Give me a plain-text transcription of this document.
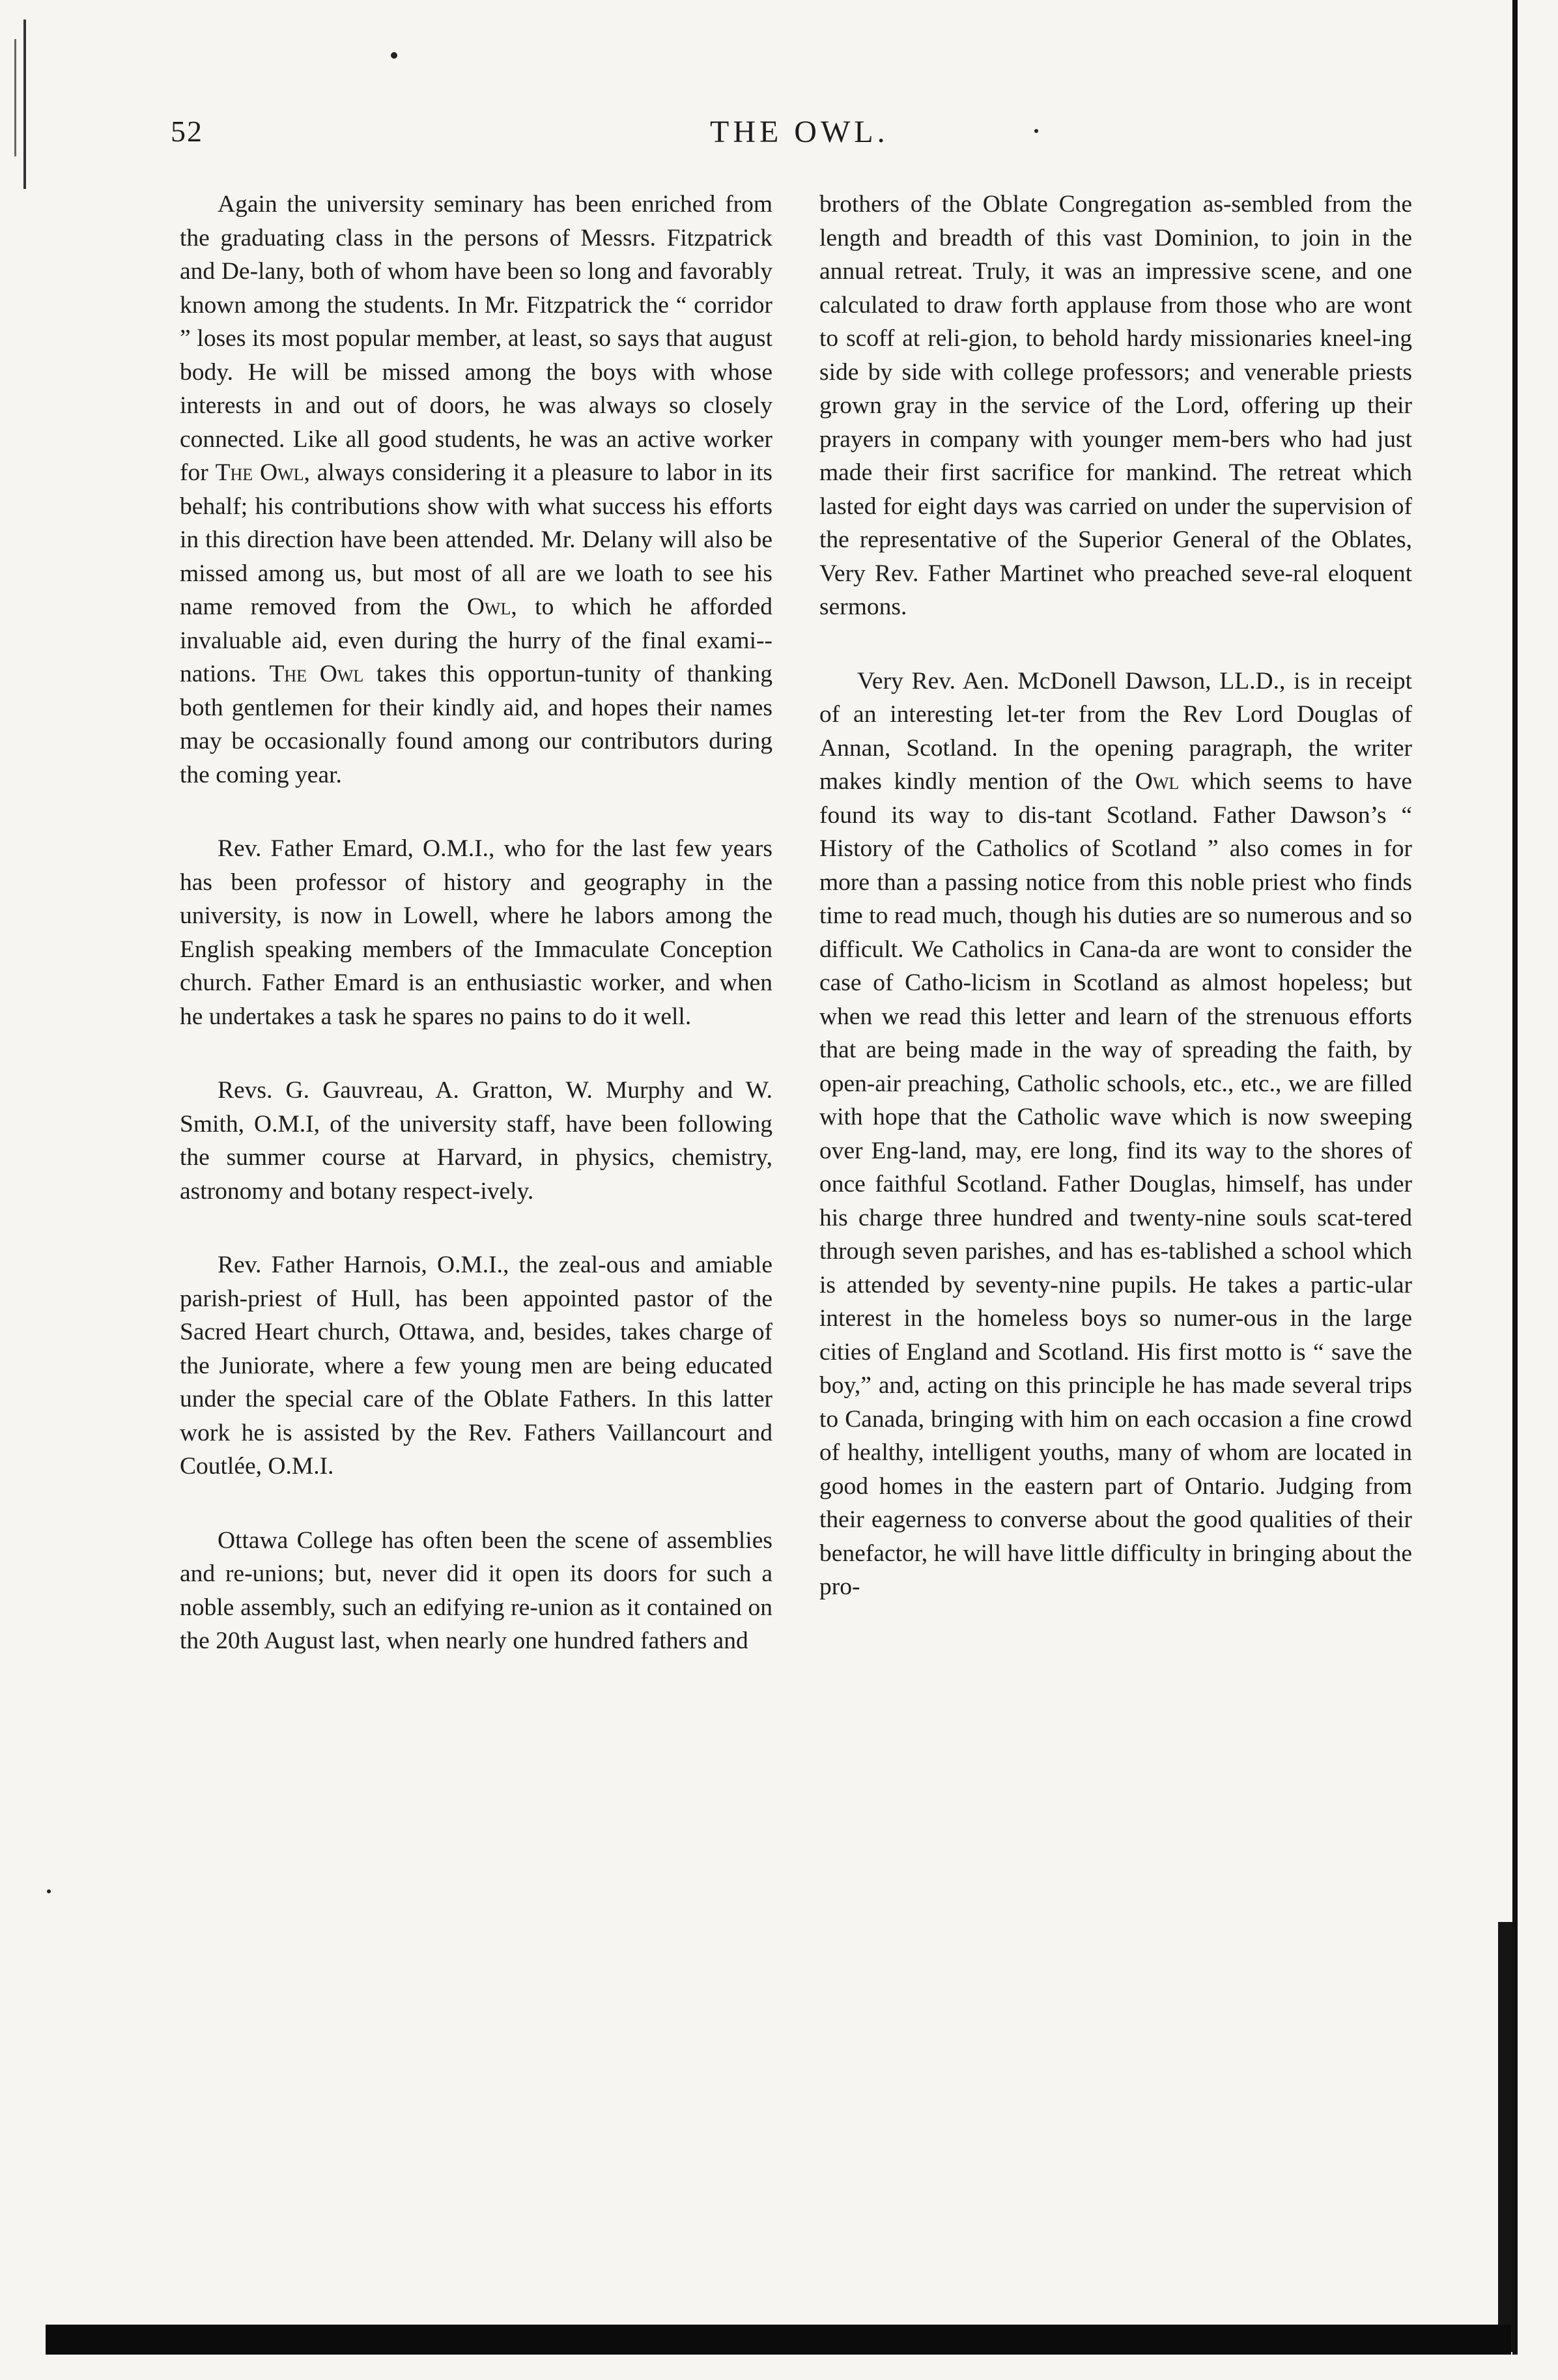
52	THE OWL.

Again the university seminary has been enriched from the graduating class in the persons of Messrs. Fitzpatrick and De-lany, both of whom have been so long and favorably known among the students. In Mr. Fitzpatrick the “ corridor ” loses its most popular member, at least, so says that august body. He will be missed among the boys with whose interests in and out of doors, he was always so closely connected. Like all good students, he was an active worker for The Owl, always considering it a pleasure to labor in its behalf; his contributions show with what success his efforts in this direction have been attended. Mr. Delany will also be missed among us, but most of all are we loath to see his name removed from the Owl, to which he afforded invaluable aid, even during the hurry of the final exami-nations. The Owl takes this opportun-tunity of thanking both gentlemen for their kindly aid, and hopes their names may be occasionally found among our contributors during the coming year.

Rev. Father Emard, O.M.I., who for the last few years has been professor of history and geography in the university, is now in Lowell, where he labors among the English speaking members of the Immaculate Conception church. Father Emard is an enthusiastic worker, and when he undertakes a task he spares no pains to do it well.

Revs. G. Gauvreau, A. Gratton, W. Murphy and W. Smith, O.M.I, of the university staff, have been following the summer course at Harvard, in physics, chemistry, astronomy and botany respect-ively.

Rev. Father Harnois, O.M.I., the zeal-ous and amiable parish-priest of Hull, has been appointed pastor of the Sacred Heart church, Ottawa, and, besides, takes charge of the Juniorate, where a few young men are being educated under the special care of the Oblate Fathers. In this latter work he is assisted by the Rev. Fathers Vaillancourt and Coutlée, O.M.I.

Ottawa College has often been the scene of assemblies and re-unions; but, never did it open its doors for such a noble assembly, such an edifying re-union as it contained on the 20th August last, when nearly one hundred fathers and

brothers of the Oblate Congregation as-sembled from the length and breadth of this vast Dominion, to join in the annual retreat. Truly, it was an impressive scene, and one calculated to draw forth applause from those who are wont to scoff at reli-gion, to behold hardy missionaries kneel-ing side by side with college professors; and venerable priests grown gray in the service of the Lord, offering up their prayers in company with younger mem-bers who had just made their first sacrifice for mankind. The retreat which lasted for eight days was carried on under the supervision of the representative of the Superior General of the Oblates, Very Rev. Father Martinet who preached seve-ral eloquent sermons.

Very Rev. Aen. McDonell Dawson, LL.D., is in receipt of an interesting let-ter from the Rev Lord Douglas of Annan, Scotland. In the opening paragraph, the writer makes kindly mention of the Owl which seems to have found its way to dis-tant Scotland. Father Dawson’s “ History of the Catholics of Scotland ” also comes in for more than a passing notice from this noble priest who finds time to read much, though his duties are so numerous and so difficult. We Catholics in Cana-da are wont to consider the case of Catho-licism in Scotland as almost hopeless; but when we read this letter and learn of the strenuous efforts that are being made in the way of spreading the faith, by open-air preaching, Catholic schools, etc., etc., we are filled with hope that the Catholic wave which is now sweeping over Eng-land, may, ere long, find its way to the shores of once faithful Scotland. Father Douglas, himself, has under his charge three hundred and twenty-nine souls scat-tered through seven parishes, and has es-tablished a school which is attended by seventy-nine pupils. He takes a partic-ular interest in the homeless boys so numer-ous in the large cities of England and Scotland. His first motto is “ save the boy,” and, acting on this principle he has made several trips to Canada, bringing with him on each occasion a fine crowd of healthy, intelligent youths, many of whom are located in good homes in the eastern part of Ontario. Judging from their eagerness to converse about the good qualities of their benefactor, he will have little difficulty in bringing about the pro-
